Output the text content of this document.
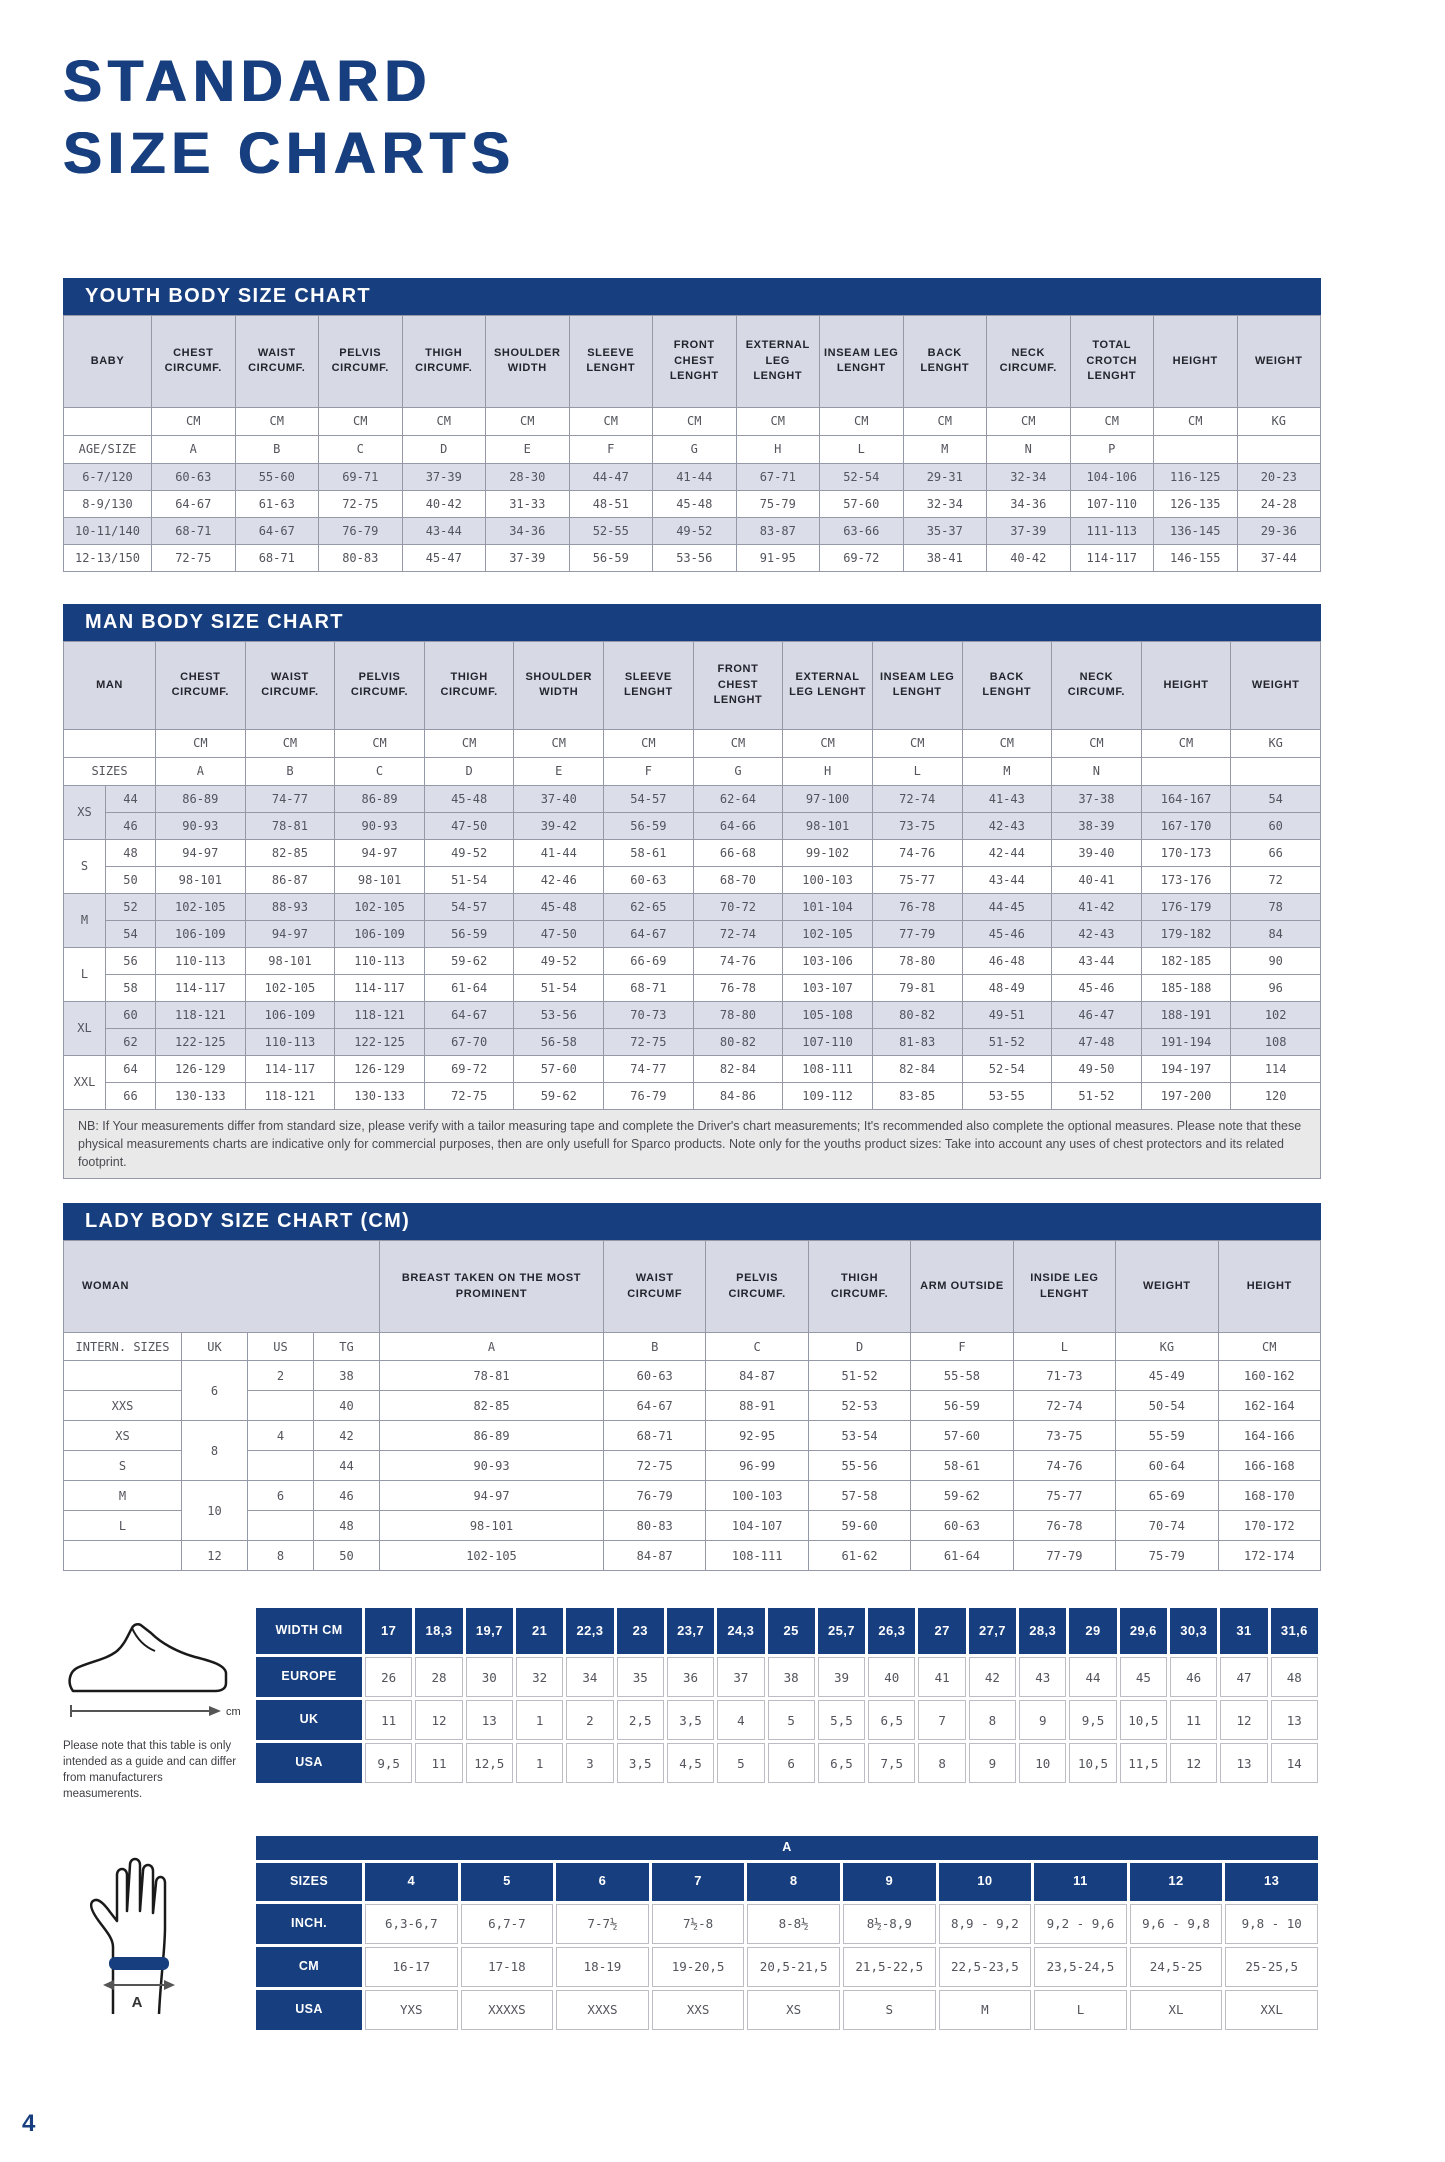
STANDARD
SIZE CHARTS
YOUTH BODY SIZE CHART
BABY	CHEST CIRCUMF.	WAIST CIRCUMF.	PELVIS CIRCUMF.	THIGH CIRCUMF.	SHOULDER WIDTH	SLEEVE LENGHT	FRONT CHEST LENGHT	EXTERNAL LEG LENGHT	INSEAM LEG LENGHT	BACK LENGHT	NECK CIRCUMF.	TOTAL CROTCH LENGHT	HEIGHT	WEIGHT
	CM	CM	CM	CM	CM	CM	CM	CM	CM	CM	CM	CM	CM	KG
AGE/SIZE	A	B	C	D	E	F	G	H	L	M	N	P		
6-7/120	60-63	55-60	69-71	37-39	28-30	44-47	41-44	67-71	52-54	29-31	32-34	104-106	116-125	20-23
8-9/130	64-67	61-63	72-75	40-42	31-33	48-51	45-48	75-79	57-60	32-34	34-36	107-110	126-135	24-28
10-11/140	68-71	64-67	76-79	43-44	34-36	52-55	49-52	83-87	63-66	35-37	37-39	111-113	136-145	29-36
12-13/150	72-75	68-71	80-83	45-47	37-39	56-59	53-56	91-95	69-72	38-41	40-42	114-117	146-155	37-44
MAN BODY SIZE CHART
MAN		CHEST CIRCUMF.	WAIST CIRCUMF.	PELVIS CIRCUMF.	THIGH CIRCUMF.	SHOULDER WIDTH	SLEEVE LENGHT	FRONT CHEST LENGHT	EXTERNAL LEG LENGHT	INSEAM LEG LENGHT	BACK LENGHT	NECK CIRCUMF.	HEIGHT	WEIGHT
		CM	CM	CM	CM	CM	CM	CM	CM	CM	CM	CM	CM	KG
SIZES		A	B	C	D	E	F	G	H	L	M	N		
XS	44	86-89	74-77	86-89	45-48	37-40	54-57	62-64	97-100	72-74	41-43	37-38	164-167	54
	46	90-93	78-81	90-93	47-50	39-42	56-59	64-66	98-101	73-75	42-43	38-39	167-170	60
S	48	94-97	82-85	94-97	49-52	41-44	58-61	66-68	99-102	74-76	42-44	39-40	170-173	66
	50	98-101	86-87	98-101	51-54	42-46	60-63	68-70	100-103	75-77	43-44	40-41	173-176	72
M	52	102-105	88-93	102-105	54-57	45-48	62-65	70-72	101-104	76-78	44-45	41-42	176-179	78
	54	106-109	94-97	106-109	56-59	47-50	64-67	72-74	102-105	77-79	45-46	42-43	179-182	84
L	56	110-113	98-101	110-113	59-62	49-52	66-69	74-76	103-106	78-80	46-48	43-44	182-185	90
	58	114-117	102-105	114-117	61-64	51-54	68-71	76-78	103-107	79-81	48-49	45-46	185-188	96
XL	60	118-121	106-109	118-121	64-67	53-56	70-73	78-80	105-108	80-82	49-51	46-47	188-191	102
	62	122-125	110-113	122-125	67-70	56-58	72-75	80-82	107-110	81-83	51-52	47-48	191-194	108
XXL	64	126-129	114-117	126-129	69-72	57-60	74-77	82-84	108-111	82-84	52-54	49-50	194-197	114
	66	130-133	118-121	130-133	72-75	59-62	76-79	84-86	109-112	83-85	53-55	51-52	197-200	120
NB: If Your measurements differ from standard size, please verify with a tailor measuring tape and complete the Driver's chart measurements; It's recommended also complete the optional measures. Please note that these physical measurements charts are indicative only for commercial purposes, then are only usefull for Sparco products. Note only for the youths product sizes: Take into account any uses of chest protectors and its related footprint.
LADY BODY SIZE CHART (CM)
WOMAN				BREAST TAKEN ON THE MOST PROMINENT	WAIST CIRCUMF	PELVIS CIRCUMF.	THIGH CIRCUMF.	ARM OUTSIDE	INSIDE LEG LENGHT	WEIGHT	HEIGHT
INTERN. SIZES	UK	US	TG	A	B	C	D	F	L	KG	CM
	6	2	38	78-81	60-63	84-87	51-52	55-58	71-73	45-49	160-162
XXS			40	82-85	64-67	88-91	52-53	56-59	72-74	50-54	162-164
XS	8	4	42	86-89	68-71	92-95	53-54	57-60	73-75	55-59	164-166
S			44	90-93	72-75	96-99	55-56	58-61	74-76	60-64	166-168
M	10	6	46	94-97	76-79	100-103	57-58	59-62	75-77	65-69	168-170
L			48	98-101	80-83	104-107	59-60	60-63	76-78	70-74	170-172
	12	8	50	102-105	84-87	108-111	61-62	61-64	77-79	75-79	172-174
cm
Please note that this table is only intended as a guide and can differ from manufacturers measumerents.
WIDTH CM	17	18,3	19,7	21	22,3	23	23,7	24,3	25	25,7	26,3	27	27,7	28,3	29	29,6	30,3	31	31,6
EUROPE	26	28	30	32	34	35	36	37	38	39	40	41	42	43	44	45	46	47	48
UK	11	12	13	1	2	2,5	3,5	4	5	5,5	6,5	7	8	9	9,5	10,5	11	12	13
USA	9,5	11	12,5	1	3	3,5	4,5	5	6	6,5	7,5	8	9	10	10,5	11,5	12	13	14
A
A										
SIZES	4	5	6	7	8	9	10	11	12	13
INCH.	6,3-6,7	6,7-7	7-7½	7½-8	8-8½	8½-8,9	8,9 - 9,2	9,2 - 9,6	9,6 - 9,8	9,8 - 10
CM	16-17	17-18	18-19	19-20,5	20,5-21,5	21,5-22,5	22,5-23,5	23,5-24,5	24,5-25	25-25,5
USA	YXS	XXXXS	XXXS	XXS	XS	S	M	L	XL	XXL
4
